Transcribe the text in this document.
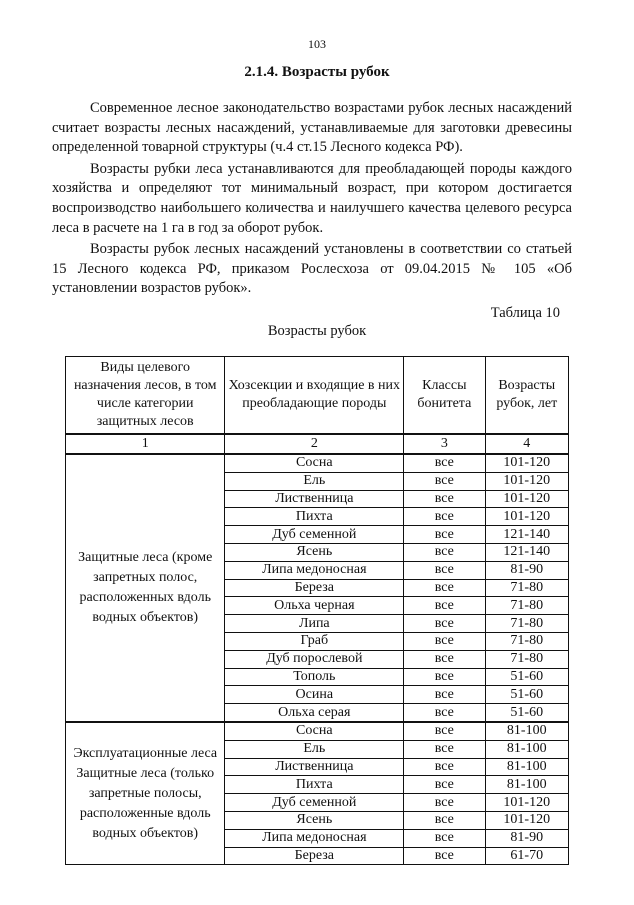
103
2.1.4. Возрасты рубок

Современное лесное законодательство возрастами рубок лесных насаждений считает возрасты лесных насаждений, устанавливаемые для заготовки древесины определенной товарной структуры (ч.4 ст.15 Лесного кодекса РФ).

Возрасты рубки леса устанавливаются для преобладающей породы каждого хозяйства и определяют тот минимальный возраст, при котором достигается воспроизводство наибольшего количества и наилучшего качества целевого ресурса леса в расчете на 1 га в год за оборот рубок.

Возрасты рубок лесных насаждений установлены в соответствии со статьей 15 Лесного кодекса РФ, приказом Рослесхоза от 09.04.2015 № 105 «Об установлении возрастов рубок».

Таблица 10
Возрасты рубок
Виды целевого назначения лесов, в том числе категории защитных лесов	Хозсекции и входящие в них преобладающие породы	Классы бонитета	Возрасты рубок, лет
1	2	3	4
Защитные леса (кроме запретных полос, расположенных вдоль водных объектов)	Сосна	все	101-120
	Ель	все	101-120
	Лиственница	все	101-120
	Пихта	все	101-120
	Дуб семенной	все	121-140
	Ясень	все	121-140
	Липа медоносная	все	81-90
	Береза	все	71-80
	Ольха черная	все	71-80
	Липа	все	71-80
	Граб	все	71-80
	Дуб порослевой	все	71-80
	Тополь	все	51-60
	Осина	все	51-60
	Ольха серая	все	51-60
Эксплуатационные леса Защитные леса (только запретные полосы, расположенные вдоль водных объектов)	Сосна	все	81-100
	Ель	все	81-100
	Лиственница	все	81-100
	Пихта	все	81-100
	Дуб семенной	все	101-120
	Ясень	все	101-120
	Липа медоносная	все	81-90
	Береза	все	61-70
